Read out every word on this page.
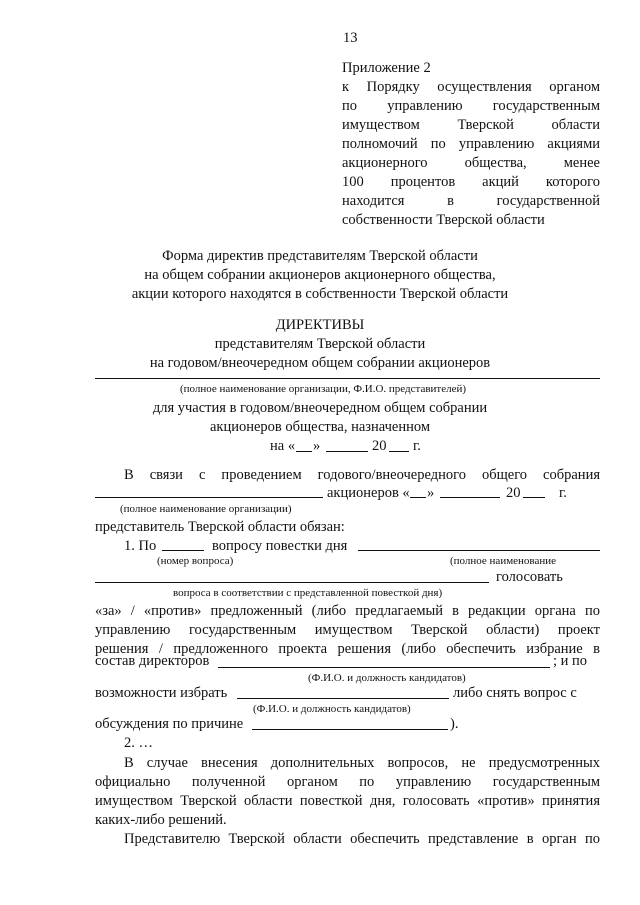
13
Приложение 2
к Порядку осуществления органом
по управлению государственным
имуществом Тверской области
полномочий по управлению акциями
акционерного общества, менее
100 процентов акций которого
находится в государственной
собственности Тверской области
Форма директив представителям Тверской области
на общем собрании акционеров акционерного общества,
акции которого находятся в собственности Тверской области
ДИРЕКТИВЫ
представителям Тверской области
на годовом/внеочередном общем собрании акционеров
(полное наименование организации, Ф.И.О. представителей)
для участия в годовом/внеочередном общем собрании
акционеров общества, назначенном
на « »	20 г.
В связи с проведением годового/внеочередного общего собрания
акционеров « »	20	г.
(полное наименование организации)
представитель Тверской области обязан:
1. По	вопросу повестки дня
(номер вопроса)	(полное наименование
голосовать
вопроса в соответствии с представленной повесткой дня)
«за» / «против» предложенный (либо предлагаемый в редакции органа по
управлению государственным имуществом Тверской области) проект
решения / предложенного проекта решения (либо обеспечить избрание в
состав директоров	; и по
(Ф.И.О. и должность кандидатов)
возможности избрать	либо снять вопрос с
(Ф.И.О. и должность кандидатов)
обсуждения по причине	).
2. …
В случае внесения дополнительных вопросов, не предусмотренных
официально полученной органом по управлению государственным
имуществом Тверской области повесткой дня, голосовать «против» принятия
каких-либо решений.
Представителю Тверской области обеспечить представление в орган по
